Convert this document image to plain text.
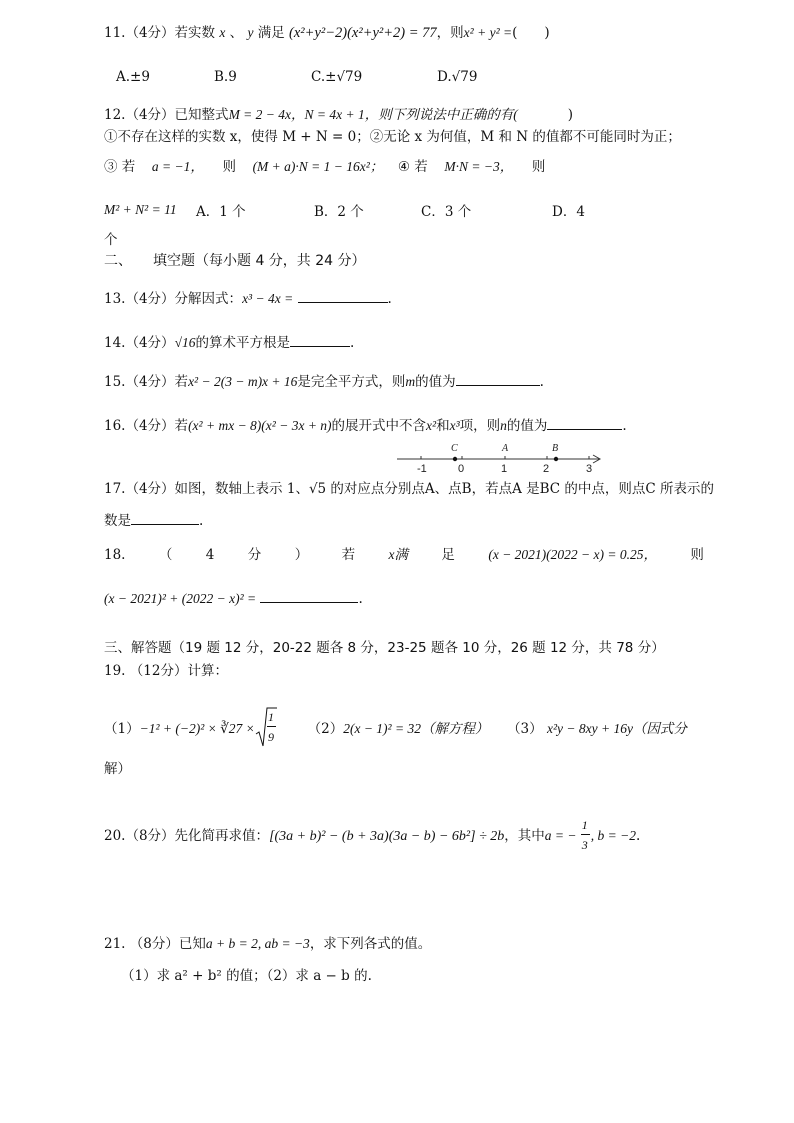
11.（4分）若实数 x 、 y 满足 (x²+y²−2)(x²+y²+2) = 77，则x² + y² =(　　)
A.±9	B.9	C.±√79	D.√79
12.（4分）已知整式M = 2 − 4x，N = 4x + 1，则下列说法中正确的有(	)
①不存在这样的实数 x，使得 M + N = 0；②无论 x 为何值，M 和 N 的值都不可能同时为正；
③ 若 a = −1， 则 (M + a)·N = 1 − 16x²； ④ 若 M·N = −3， 则
M² + N² = 11 A．1 个	B．2 个	C．3 个	D．4
个
二、　　填空题（每小题 4 分，共 24 分）
13.（4分）分解因式：x³ − 4x =	.
14.（4分）√16的算术平方根是	.
15.（4分）若x² − 2(3 − m)x + 16是完全平方式，则m的值为	.
16.（4分）若(x² + mx − 8)(x² − 3x + n)的展开式中不含x²和x³项，则n的值为	.
-1	0	1	2	3
C	A	B
17.（4分）如图，数轴上表示 1、√5 的对应点分别点A、点B，若点A 是BC 的中点，则点C 所表示的
数是	.
18. （ 4 分 ） 若 x满 足 (x − 2021)(2022 − x) = 0.25， 则
(x − 2021)² + (2022 − x)² =	.
三、解答题（19 题 12 分，20-22 题各 8 分，23-25 题各 10 分，26 题 12 分，共 78 分）
19. （12分）计算：
（1）−1² + (−2)² × ∛27 × $\frac{1}{9} (2)2(x - 1)^2 = 32$（解方程） （3） x²y − 8xy + 16y（因式分
解）
20.（8分）先化简再求值：[(3a + b)² − (b + 3a)(3a − b) − 6b²] ÷ 2b，其中a = − $\frac{1}{3}$ , b = −2.
21. （8分）已知a + b = 2, ab = −3，求下列各式的值。
（1）求 a² + b² 的值；（2）求 a − b 的.
